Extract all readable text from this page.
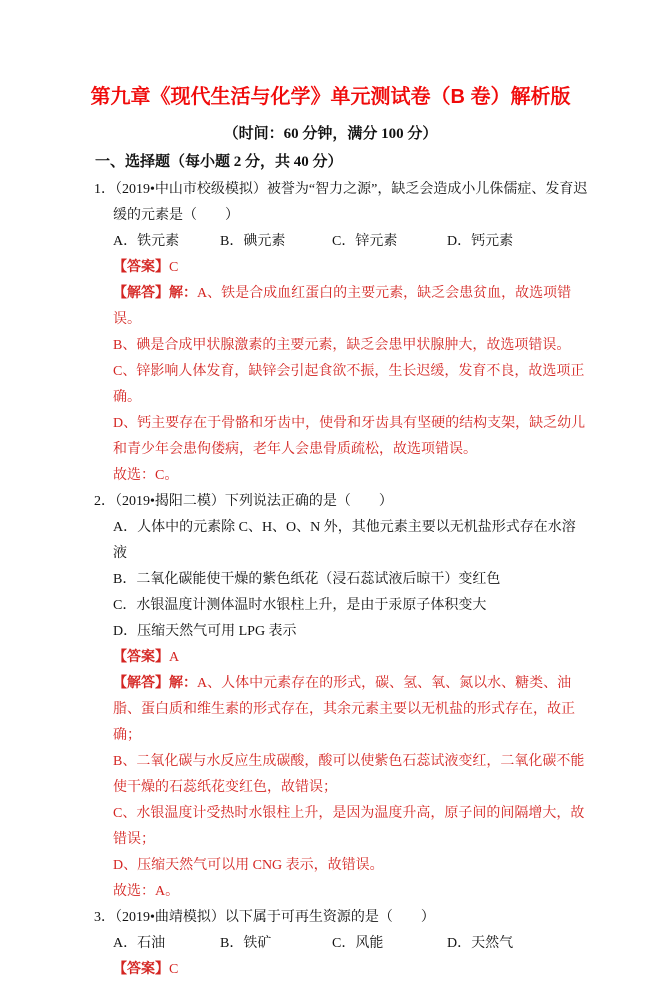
第九章《现代生活与化学》单元测试卷（B 卷）解析版

（时间：60 分钟，满分 100 分）

一、选择题（每小题 2 分，共 40 分）

1．（2019•中山市校级模拟）被誉为“智力之源”，缺乏会造成小儿侏儒症、发育迟缓的元素是（　　）

A．铁元素	B．碘元素	C．锌元素	D．钙元素

【答案】C

【解答】解：A、铁是合成血红蛋白的主要元素，缺乏会患贫血，故选项错误。

B、碘是合成甲状腺激素的主要元素，缺乏会患甲状腺肿大，故选项错误。

C、锌影响人体发育，缺锌会引起食欲不振，生长迟缓，发育不良，故选项正确。

D、钙主要存在于骨骼和牙齿中，使骨和牙齿具有坚硬的结构支架，缺乏幼儿和青少年会患佝偻病，老年人会患骨质疏松，故选项错误。

故选：C。

2．（2019•揭阳二模）下列说法正确的是（　　）

A．人体中的元素除 C、H、O、N 外，其他元素主要以无机盐形式存在水溶液
B．二氧化碳能使干燥的紫色纸花（浸石蕊试液后晾干）变红色
C．水银温度计测体温时水银柱上升，是由于汞原子体积变大
D．压缩天然气可用 LPG 表示

【答案】A

【解答】解：A、人体中元素存在的形式，碳、氢、氧、氮以水、糖类、油脂、蛋白质和维生素的形式存在，其余元素主要以无机盐的形式存在，故正确；

B、二氧化碳与水反应生成碳酸，酸可以使紫色石蕊试液变红，二氧化碳不能使干燥的石蕊纸花变红色，故错误；

C、水银温度计受热时水银柱上升，是因为温度升高，原子间的间隔增大，故错误；

D、压缩天然气可以用 CNG 表示，故错误。

故选：A。

3．（2019•曲靖模拟）以下属于可再生资源的是（　　）

A．石油	B．铁矿	C．风能	D．天然气

【答案】C
